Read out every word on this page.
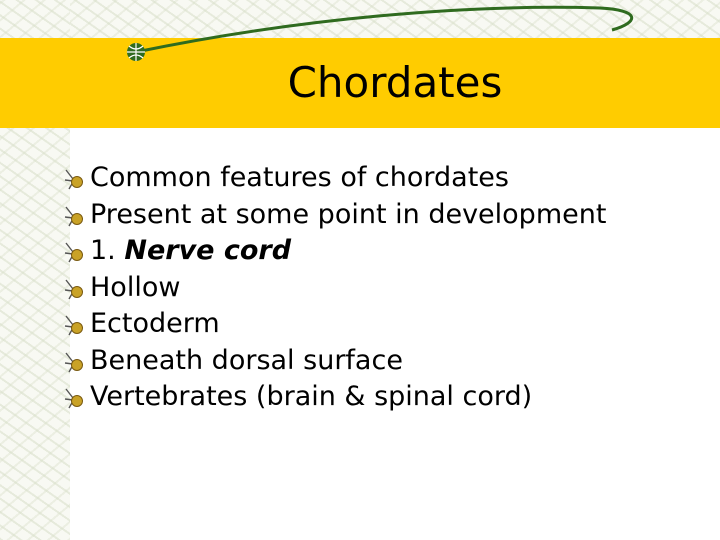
Chordates
Common features of chordates
Present at some point in development
1. Nerve cord
Hollow
Ectoderm
Beneath dorsal surface
Vertebrates (brain & spinal cord)
